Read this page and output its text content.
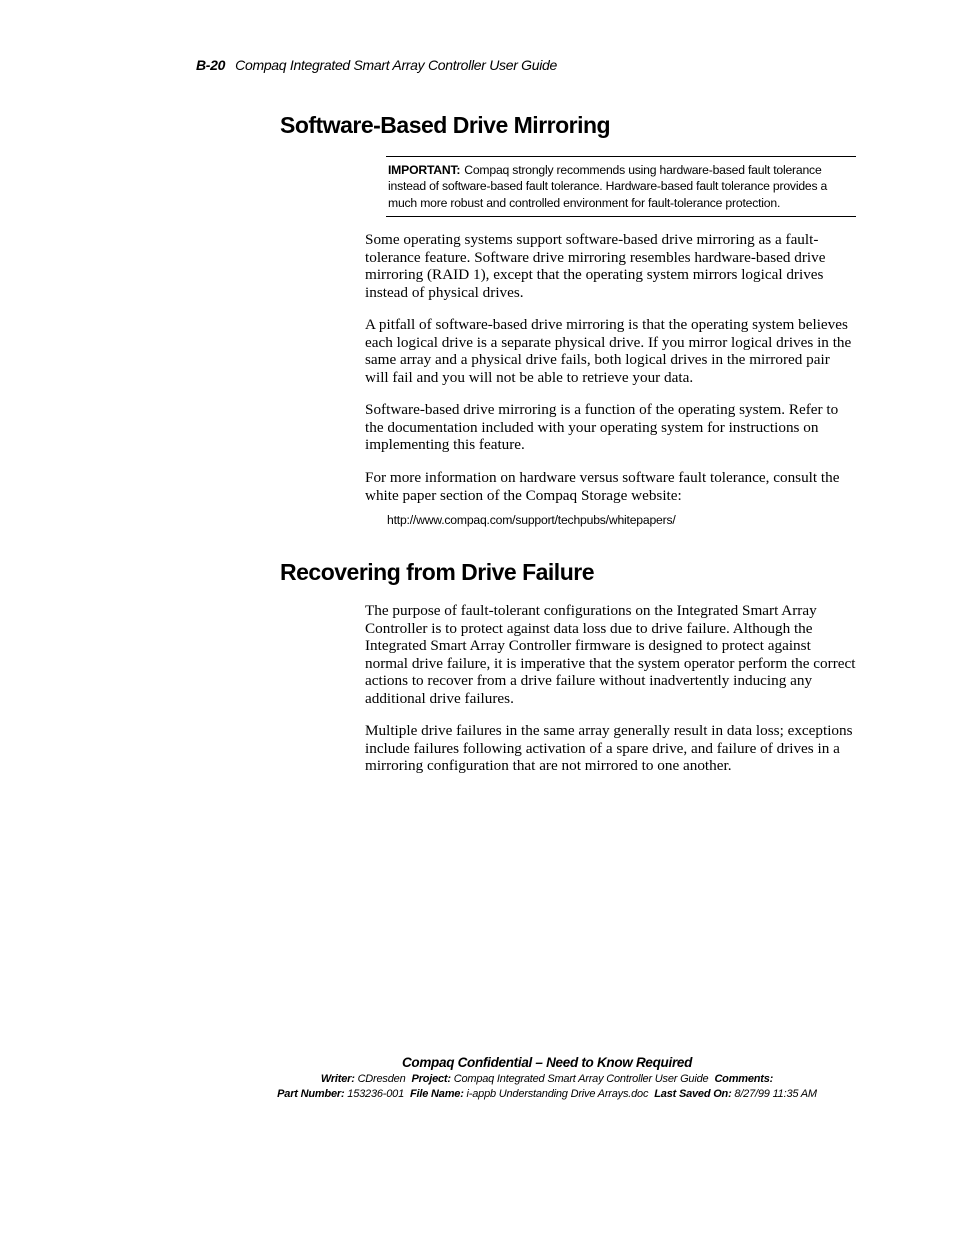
B-20 Compaq Integrated Smart Array Controller User Guide
Software-Based Drive Mirroring
IMPORTANT: Compaq strongly recommends using hardware-based fault tolerance instead of software-based fault tolerance. Hardware-based fault tolerance provides a much more robust and controlled environment for fault-tolerance protection.

Some operating systems support software-based drive mirroring as a fault-tolerance feature. Software drive mirroring resembles hardware-based drive mirroring (RAID 1), except that the operating system mirrors logical drives instead of physical drives.

A pitfall of software-based drive mirroring is that the operating system believes each logical drive is a separate physical drive. If you mirror logical drives in the same array and a physical drive fails, both logical drives in the mirrored pair will fail and you will not be able to retrieve your data.

Software-based drive mirroring is a function of the operating system. Refer to the documentation included with your operating system for instructions on implementing this feature.

For more information on hardware versus software fault tolerance, consult the white paper section of the Compaq Storage website:

http://www.compaq.com/support/techpubs/whitepapers/
Recovering from Drive Failure

The purpose of fault-tolerant configurations on the Integrated Smart Array Controller is to protect against data loss due to drive failure. Although the Integrated Smart Array Controller firmware is designed to protect against normal drive failure, it is imperative that the system operator perform the correct actions to recover from a drive failure without inadvertently inducing any additional drive failures.

Multiple drive failures in the same array generally result in data loss; exceptions include failures following activation of a spare drive, and failure of drives in a mirroring configuration that are not mirrored to one another.

Compaq Confidential – Need to Know Required
Writer: CDresden Project: Compaq Integrated Smart Array Controller User Guide Comments:
Part Number: 153236-001 File Name: i-appb Understanding Drive Arrays.doc Last Saved On: 8/27/99 11:35 AM
